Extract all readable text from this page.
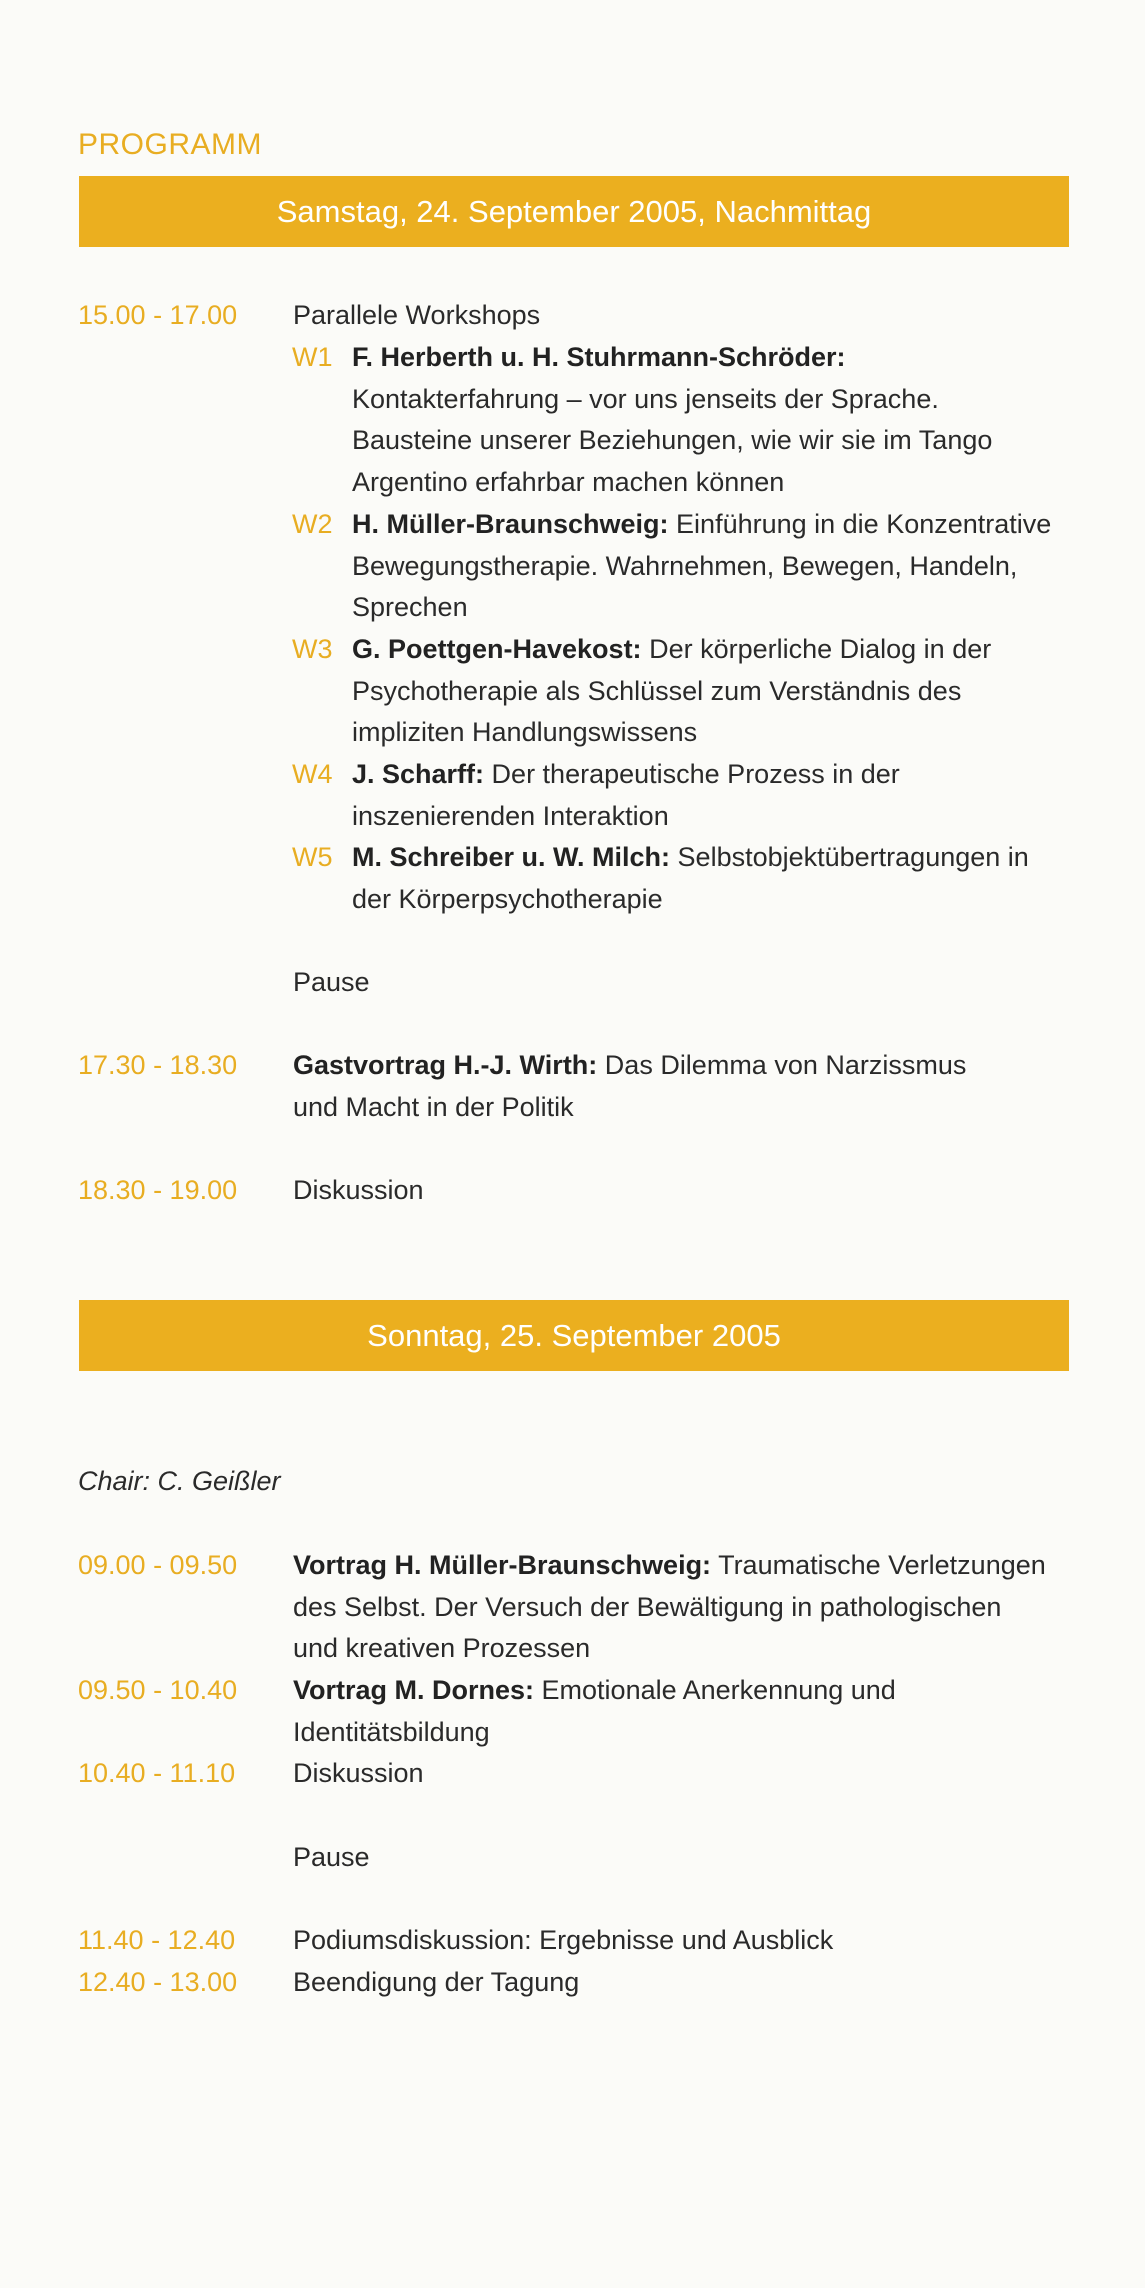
PROGRAMM
Samstag, 24. September 2005, Nachmittag
15.00 - 17.00 Parallele Workshops
W1 F. Herberth u. H. Stuhrmann-Schröder:
Kontakterfahrung – vor uns jenseits der Sprache.
Bausteine unserer Beziehungen, wie wir sie im Tango
Argentino erfahrbar machen können
W2 H. Müller-Braunschweig: Einführung in die Konzentrative
Bewegungstherapie. Wahrnehmen, Bewegen, Handeln,
Sprechen
W3 G. Poettgen-Havekost: Der körperliche Dialog in der
Psychotherapie als Schlüssel zum Verständnis des
impliziten Handlungswissens
W4 J. Scharff: Der therapeutische Prozess in der
inszenierenden Interaktion
W5 M. Schreiber u. W. Milch: Selbstobjektübertragungen in
der Körperpsychotherapie
Pause
17.30 - 18.30 Gastvortrag H.-J. Wirth: Das Dilemma von Narzissmus
und Macht in der Politik
18.30 - 19.00 Diskussion
Sonntag, 25. September 2005
Chair: C. Geißler
09.00 - 09.50 Vortrag H. Müller-Braunschweig: Traumatische Verletzungen
des Selbst. Der Versuch der Bewältigung in pathologischen
und kreativen Prozessen
09.50 - 10.40 Vortrag M. Dornes: Emotionale Anerkennung und
Identitätsbildung
10.40 - 11.10 Diskussion
Pause
11.40 - 12.40 Podiumsdiskussion: Ergebnisse und Ausblick
12.40 - 13.00 Beendigung der Tagung
